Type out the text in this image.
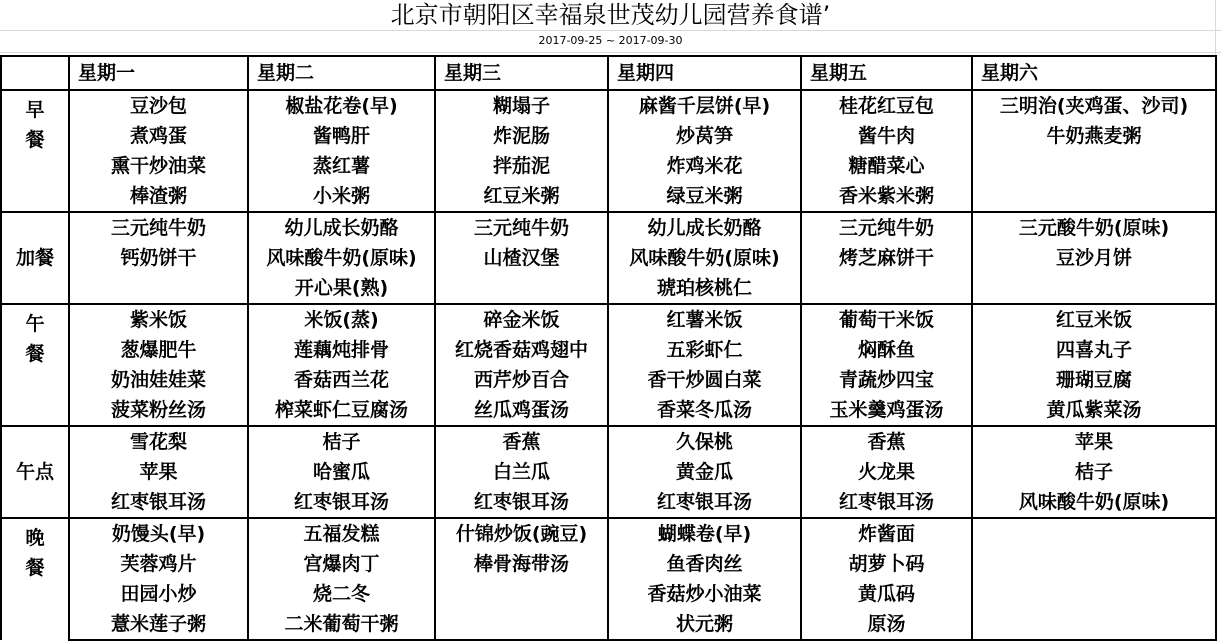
北京市朝阳区幸福泉世茂幼儿园营养食谱’
2017-09-25 ~ 2017-09-30
	星期一	星期二	星期三	星期四	星期五	星期六

早
餐	豆沙包	椒盐花卷(早)	糊塌子	麻酱千层饼(早)	桂花红豆包	三明治(夹鸡蛋、沙司)
	煮鸡蛋	酱鸭肝	炸泥肠	炒莴笋	酱牛肉	牛奶燕麦粥
	熏干炒油菜	蒸红薯	拌茄泥	炸鸡米花	糖醋菜心	
	棒渣粥	小米粥	红豆米粥	绿豆米粥	香米紫米粥	

加餐	三元纯牛奶	幼儿成长奶酪	三元纯牛奶	幼儿成长奶酪	三元纯牛奶	三元酸牛奶(原味)
	钙奶饼干	风味酸牛奶(原味)	山楂汉堡	风味酸牛奶(原味)	烤芝麻饼干	豆沙月饼
		开心果(熟)		琥珀核桃仁		

午
餐	紫米饭	米饭(蒸)	碎金米饭	红薯米饭	葡萄干米饭	红豆米饭
	葱爆肥牛	莲藕炖排骨	红烧香菇鸡翅中	五彩虾仁	焖酥鱼	四喜丸子
	奶油娃娃菜	香菇西兰花	西芹炒百合	香干炒圆白菜	青蔬炒四宝	珊瑚豆腐
	菠菜粉丝汤	榨菜虾仁豆腐汤	丝瓜鸡蛋汤	香菜冬瓜汤	玉米羹鸡蛋汤	黄瓜紫菜汤

午点	雪花梨	桔子	香蕉	久保桃	香蕉	苹果
	苹果	哈蜜瓜	白兰瓜	黄金瓜	火龙果	桔子
	红枣银耳汤	红枣银耳汤	红枣银耳汤	红枣银耳汤	红枣银耳汤	风味酸牛奶(原味)

晚
餐	奶馒头(早)	五福发糕	什锦炒饭(豌豆)	蝴蝶卷(早)	炸酱面	
	芙蓉鸡片	宫爆肉丁	棒骨海带汤	鱼香肉丝	胡萝卜码	
	田园小炒	烧二冬		香菇炒小油菜	黄瓜码	
	薏米莲子粥	二米葡萄干粥		状元粥	原汤	
